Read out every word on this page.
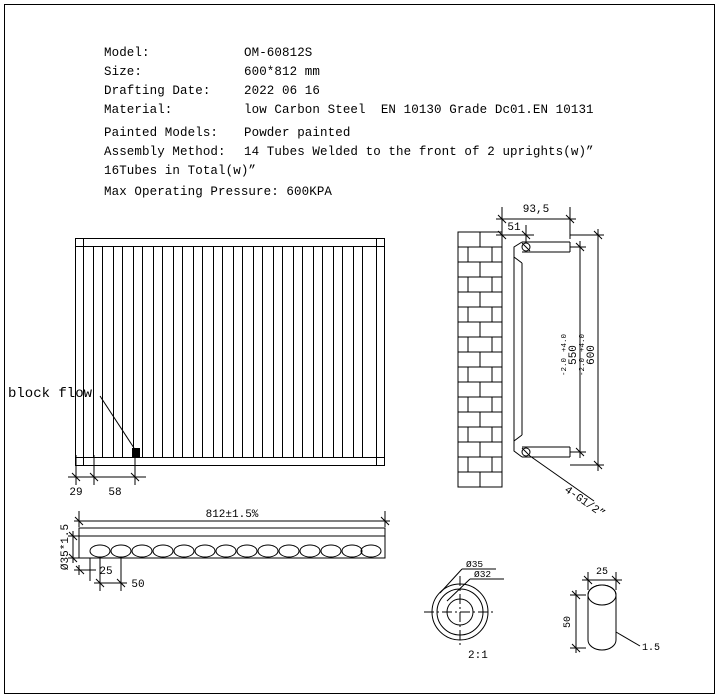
Model:	OM-60812S
Size:	600*812 mm
Drafting Date:	2022 06 16
Material:	low Carbon Steel  EN 10130 Grade Dc01.EN 10131
Painted Models:	Powder painted
Assembly Method:	14 Tubes Welded to the front of 2 uprights(w)”
16Tubes in Total(w)”
Max Operating Pressure: 600KPA
block flow
29 58
93,5
51
550
+4.0
-2.0
600
+4.0
-2.0
4-G1/2”
812±1.5%
Ø35*1.5
25
50
Ø35
Ø32	25
50
1.5
2:1
